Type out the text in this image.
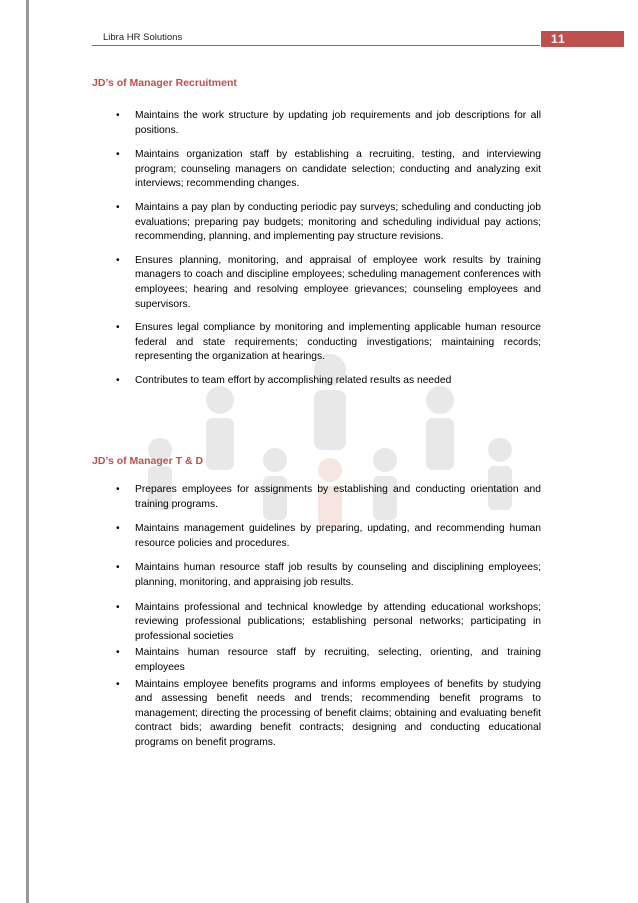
Libra HR Solutions	11
JD’s of Manager Recruitment
• Maintains the work structure by updating job requirements and job descriptions for all positions.
• Maintains organization staff by establishing a recruiting, testing, and interviewing program; counseling managers on candidate selection; conducting and analyzing exit interviews; recommending changes.
• Maintains a pay plan by conducting periodic pay surveys; scheduling and conducting job evaluations; preparing pay budgets; monitoring and scheduling individual pay actions; recommending, planning, and implementing pay structure revisions.
• Ensures planning, monitoring, and appraisal of employee work results by training managers to coach and discipline employees; scheduling management conferences with employees; hearing and resolving employee grievances; counseling employees and supervisors.
• Ensures legal compliance by monitoring and implementing applicable human resource federal and state requirements; conducting investigations; maintaining records; representing the organization at hearings.
• Contributes to team effort by accomplishing related results as needed
JD’s of Manager T & D
• Prepares employees for assignments by establishing and conducting orientation and training programs.
• Maintains management guidelines by preparing, updating, and recommending human resource policies and procedures.
• Maintains human resource staff job results by counseling and disciplining employees; planning, monitoring, and appraising job results.
• Maintains professional and technical knowledge by attending educational workshops; reviewing professional publications; establishing personal networks; participating in professional societies
• Maintains human resource staff by recruiting, selecting, orienting, and training employees
• Maintains employee benefits programs and informs employees of benefits by studying and assessing benefit needs and trends; recommending benefit programs to management; directing the processing of benefit claims; obtaining and evaluating benefit contract bids; awarding benefit contracts; designing and conducting educational programs on benefit programs.
